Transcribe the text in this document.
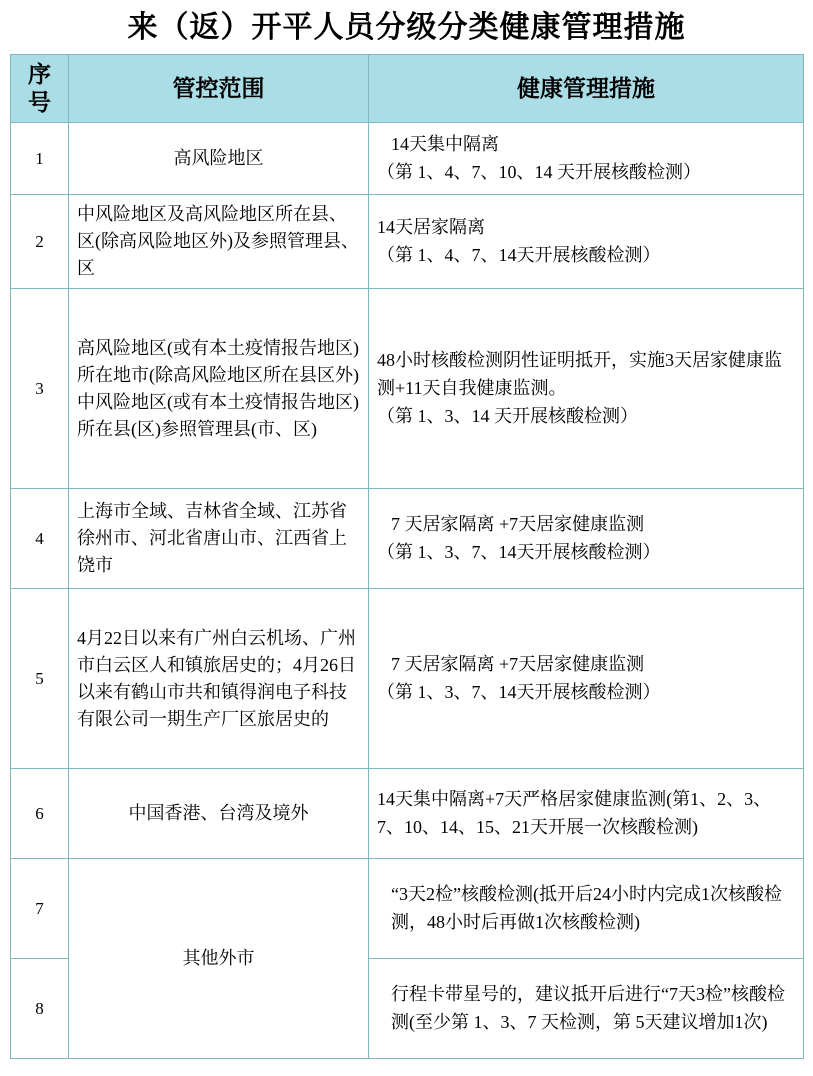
来（返）开平人员分级分类健康管理措施
序号	管控范围	健康管理措施
1	高风险地区	14天集中隔离

（第 1、4、7、10、14 天开展核酸检测）

2	中风险地区及高风险地区所在县、区(除高风险地区外)及参照管理县、区	14天居家隔离

（第 1、4、7、14天开展核酸检测）

3	高风险地区(或有本土疫情报告地区)所在地市(除高风险地区所在县区外)中风险地区(或有本土疫情报告地区)所在县(区)参照管理县(市、区)	48小时核酸检测阴性证明抵开，实施3天居家健康监测+11天自我健康监测。

（第 1、3、14 天开展核酸检测）

4	上海市全域、吉林省全域、江苏省徐州市、河北省唐山市、江西省上饶市	7 天居家隔离 +7天居家健康监测

（第 1、3、7、14天开展核酸检测）

5	4月22日以来有广州白云机场、广州市白云区人和镇旅居史的；4月26日以来有鹤山市共和镇得润电子科技有限公司一期生产厂区旅居史的	7 天居家隔离 +7天居家健康监测

（第 1、3、7、14天开展核酸检测）

6	中国香港、台湾及境外	14天集中隔离+7天严格居家健康监测(第1、2、3、7、10、14、15、21天开展一次核酸检测)

7	其他外市	“3天2检”核酸检测(抵开后24小时内完成1次核酸检测，48小时后再做1次核酸检测)

8		行程卡带星号的，建议抵开后进行“7天3检”核酸检测(至少第 1、3、7 天检测，第 5天建议增加1次)
